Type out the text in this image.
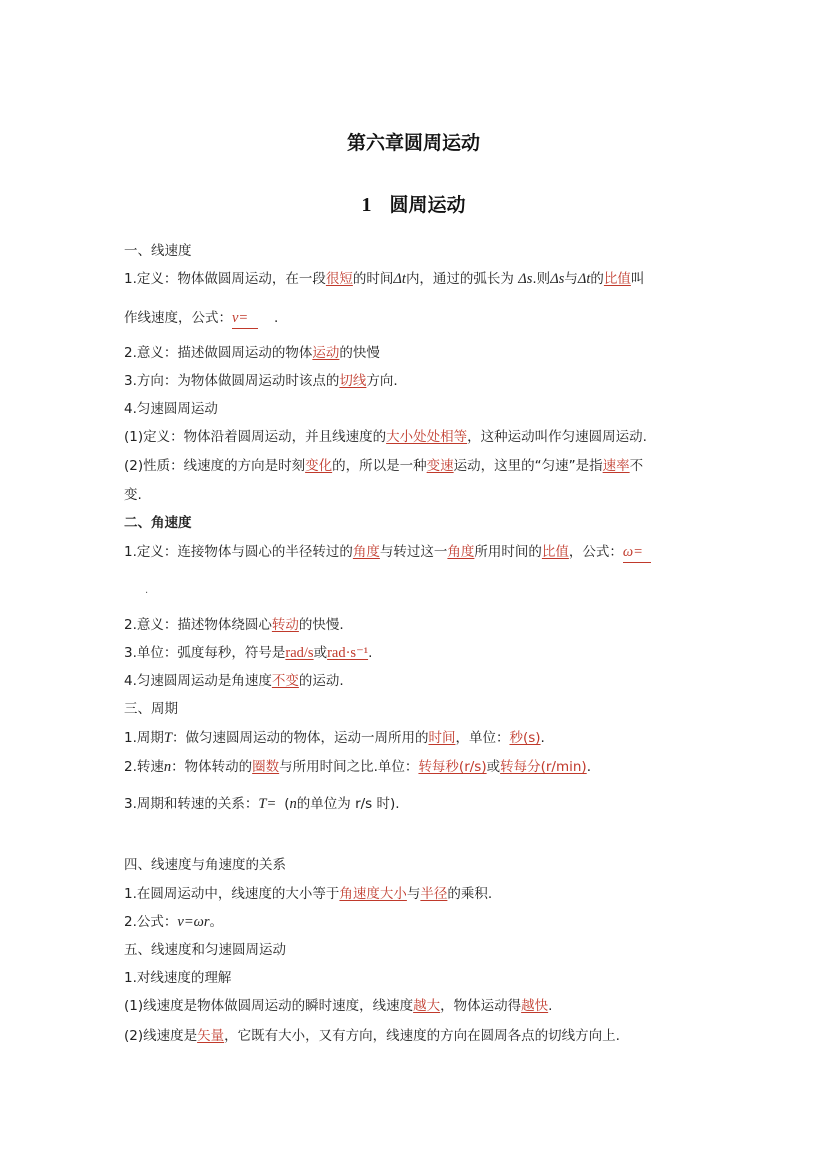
第六章圆周运动
1 圆周运动
一、线速度
1.定义：物体做圆周运动，在一段很短的时间Δt内，通过的弧长为 Δs.则Δs与Δt的比值叫
作线速度，公式：v= .
2.意义：描述做圆周运动的物体运动的快慢
3.方向：为物体做圆周运动时该点的切线方向.
4.匀速圆周运动
(1)定义：物体沿着圆周运动，并且线速度的大小处处相等，这种运动叫作匀速圆周运动.
(2)性质：线速度的方向是时刻变化的，所以是一种变速运动，这里的“匀速”是指速率不
变.
二、角速度
1.定义：连接物体与圆心的半径转过的角度与转过这一角度所用时间的比值，公式：ω=
.
2.意义：描述物体绕圆心转动的快慢.
3.单位：弧度每秒，符号是rad/s或rad·s⁻¹.
4.匀速圆周运动是角速度不变的运动.
三、周期
1.周期T：做匀速圆周运动的物体，运动一周所用的时间，单位：秒(s).
2.转速n：物体转动的圈数与所用时间之比.单位：转每秒(r/s)或转每分(r/min).
3.周期和转速的关系：T= (n的单位为 r/s 时).
四、线速度与角速度的关系
1.在圆周运动中，线速度的大小等于角速度大小与半径的乘积.
2.公式：v=ωr。
五、线速度和匀速圆周运动
1.对线速度的理解
(1)线速度是物体做圆周运动的瞬时速度，线速度越大，物体运动得越快.
(2)线速度是矢量，它既有大小，又有方向，线速度的方向在圆周各点的切线方向上.
